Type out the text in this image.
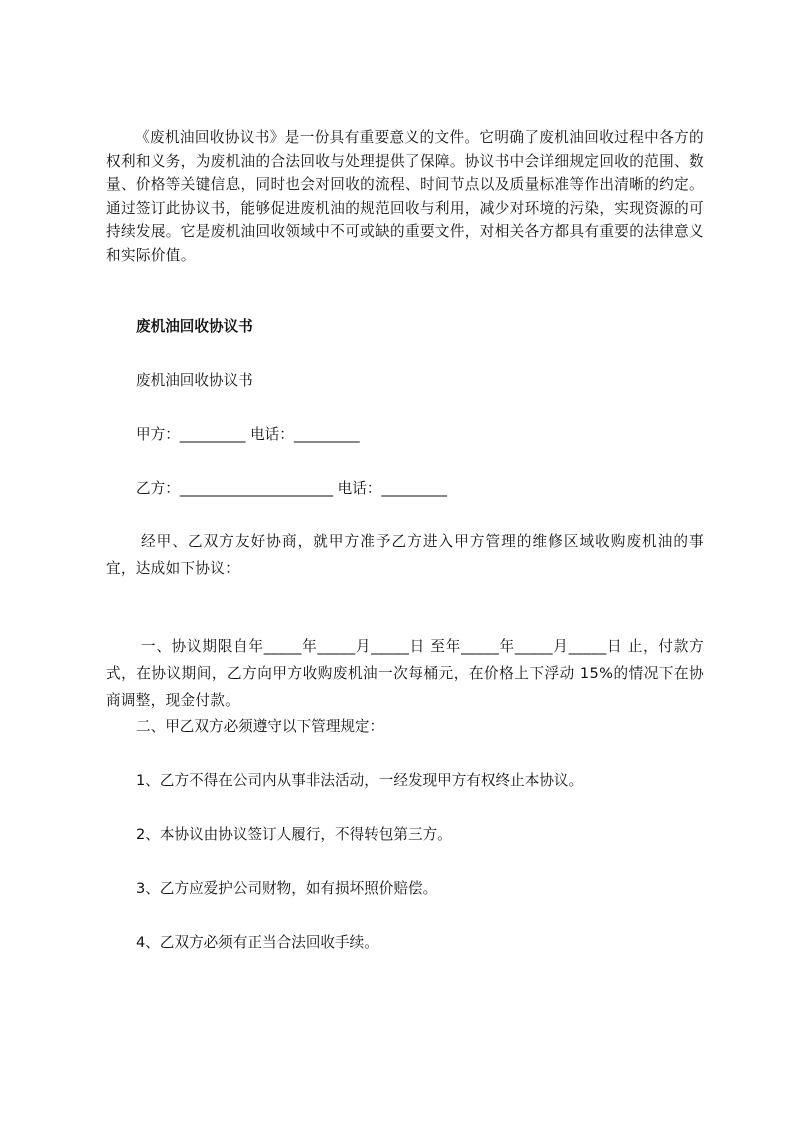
《废机油回收协议书》是一份具有重要意义的文件。它明确了废机油回收过程中各方的权利和义务，为废机油的合法回收与处理提供了保障。协议书中会详细规定回收的范围、数量、价格等关键信息，同时也会对回收的流程、时间节点以及质量标准等作出清晰的约定。通过签订此协议书，能够促进废机油的规范回收与利用，减少对环境的污染，实现资源的可持续发展。它是废机油回收领域中不可或缺的重要文件，对相关各方都具有重要的法律意义和实际价值。

废机油回收协议书

废机油回收协议书

甲方：_________ 电话：_________

乙方：_____________________ 电话：_________

经甲、乙双方友好协商，就甲方准予乙方进入甲方管理的维修区域收购废机油的事宜，达成如下协议：

一、协议期限自年_____年_____月_____日 至年_____年_____月_____日 止，付款方式，在协议期间，乙方向甲方收购废机油一次每桶元，在价格上下浮动 15%的情况下在协商调整，现金付款。

二、甲乙双方必须遵守以下管理规定：

1、乙方不得在公司内从事非法活动，一经发现甲方有权终止本协议。

2、本协议由协议签订人履行，不得转包第三方。

3、乙方应爱护公司财物，如有损坏照价赔偿。

4、乙双方必须有正当合法回收手续。
